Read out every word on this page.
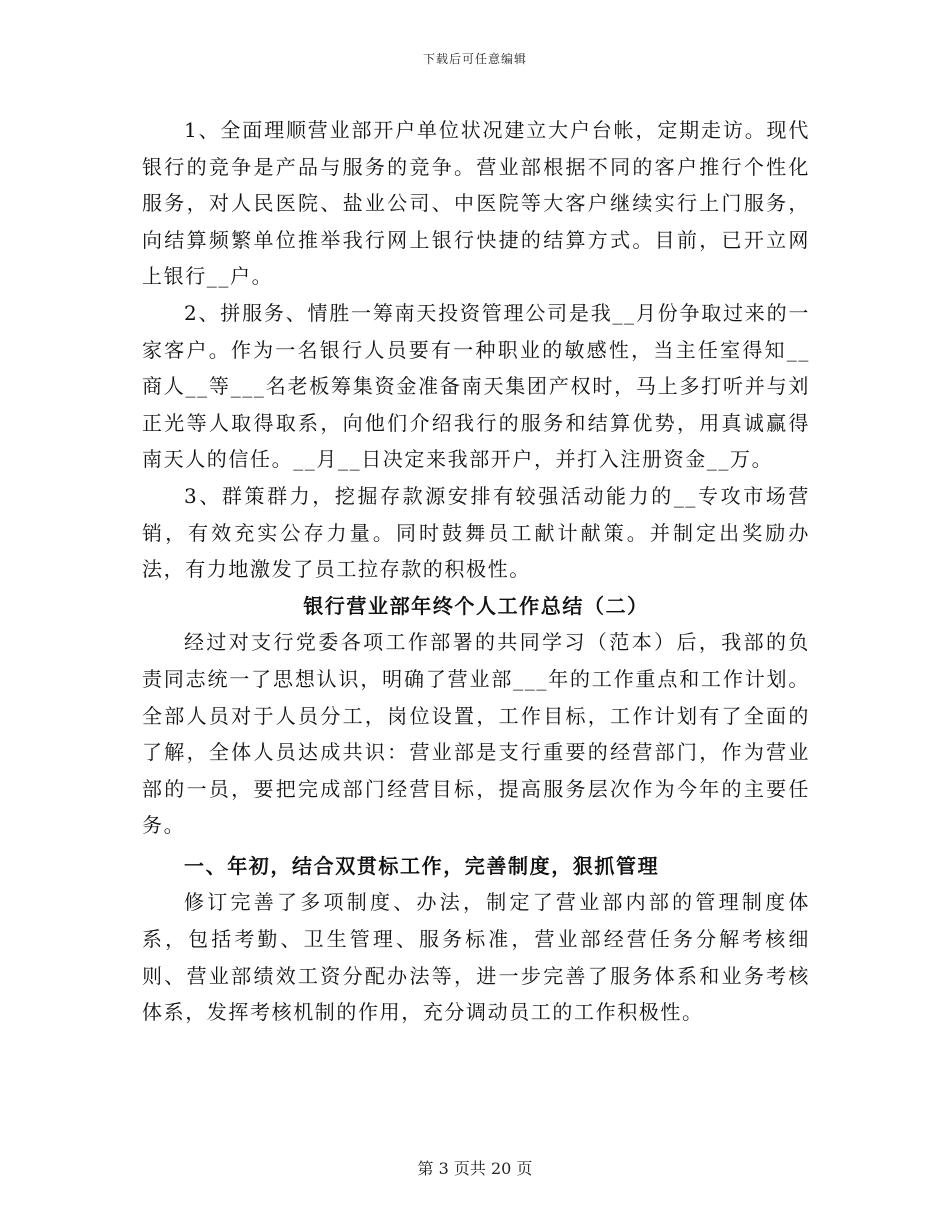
下载后可任意编辑

1、全面理顺营业部开户单位状况建立大户台帐，定期走访。现代银行的竞争是产品与服务的竞争。营业部根据不同的客户推行个性化服务，对人民医院、盐业公司、中医院等大客户继续实行上门服务，向结算频繁单位推举我行网上银行快捷的结算方式。目前，已开立网上银行__户。

2、拼服务、情胜一筹南天投资管理公司是我__月份争取过来的一家客户。作为一名银行人员要有一种职业的敏感性，当主任室得知__商人__等___名老板筹集资金准备南天集团产权时，马上多打听并与刘正光等人取得取系，向他们介绍我行的服务和结算优势，用真诚赢得南天人的信任。__月__日决定来我部开户，并打入注册资金__万。

3、群策群力，挖掘存款源安排有较强活动能力的__专攻市场营销，有效充实公存力量。同时鼓舞员工献计献策。并制定出奖励办法，有力地激发了员工拉存款的积极性。

银行营业部年终个人工作总结（二）

经过对支行党委各项工作部署的共同学习（范本）后，我部的负责同志统一了思想认识，明确了营业部___年的工作重点和工作计划。全部人员对于人员分工，岗位设置，工作目标，工作计划有了全面的了解，全体人员达成共识：营业部是支行重要的经营部门，作为营业部的一员，要把完成部门经营目标，提高服务层次作为今年的主要任务。

一、年初，结合双贯标工作，完善制度，狠抓管理

修订完善了多项制度、办法，制定了营业部内部的管理制度体系，包括考勤、卫生管理、服务标准，营业部经营任务分解考核细则、营业部绩效工资分配办法等，进一步完善了服务体系和业务考核体系，发挥考核机制的作用，充分调动员工的工作积极性。

第 3 页共 20 页
